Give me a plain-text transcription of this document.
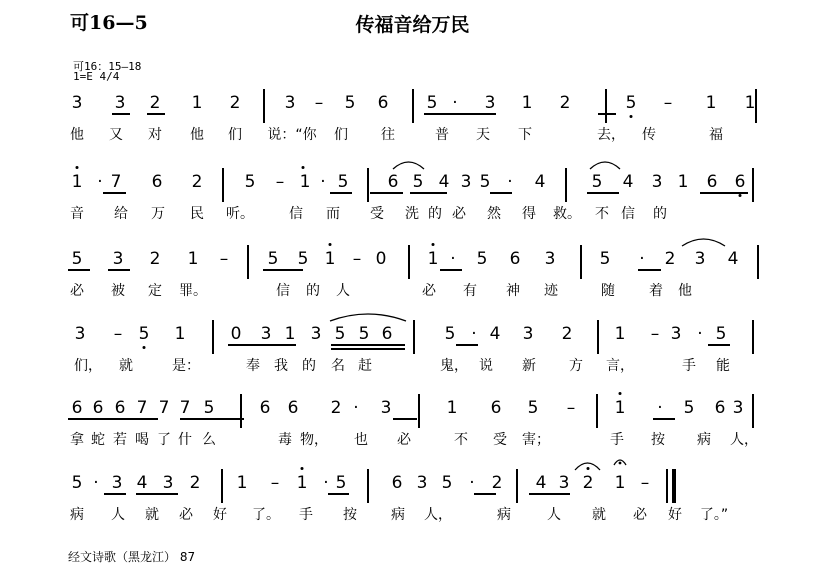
可16—5	传福音给万民
可16：15—18
1=E 4/4
3 3 2 1 2	3 – 5 6 5 · 3 1 2	5 – 1 1
他 又 对 他 们 说：“你 们 往	普 天 下	去， 传	福
1 · 7 6 2 5 – 1 · 5 6 5 4 3 5 · 4	5 4 3 1 6 6
音 给 万 民 听。	信 而 受 洗 的 必 然 得 救。 不 信 的
5 3 2 1 – 5 5 1 – 0 1 · 5 6 3	5 · 2 3 4
必 被 定 罪。	信 的 人	必 有 神 迹	随 着 他
3 – 5 1	0 3 1 3 5 5 6	5 · 4 3 2 1 – 3 · 5
们， 就	是：	奉 我 的 名 赶	鬼， 说 新 方 言，	手 能
6 6 6 7 7 7 5	6 6 2 · 3	1 6 5 – 1 · 5 6 3
拿 蛇 若 喝 了 什 么	毒 物， 也 必	不 受 害；	手 按 病 人，
5 · 3 4 3 2 1 – 1 · 5	6 3 5 · 2 4 3 2 1 –
病 人 就 必 好 了。 手 按 病 人，	病	人 就 必 好 了。”
经文诗歌（黑龙江） 87
